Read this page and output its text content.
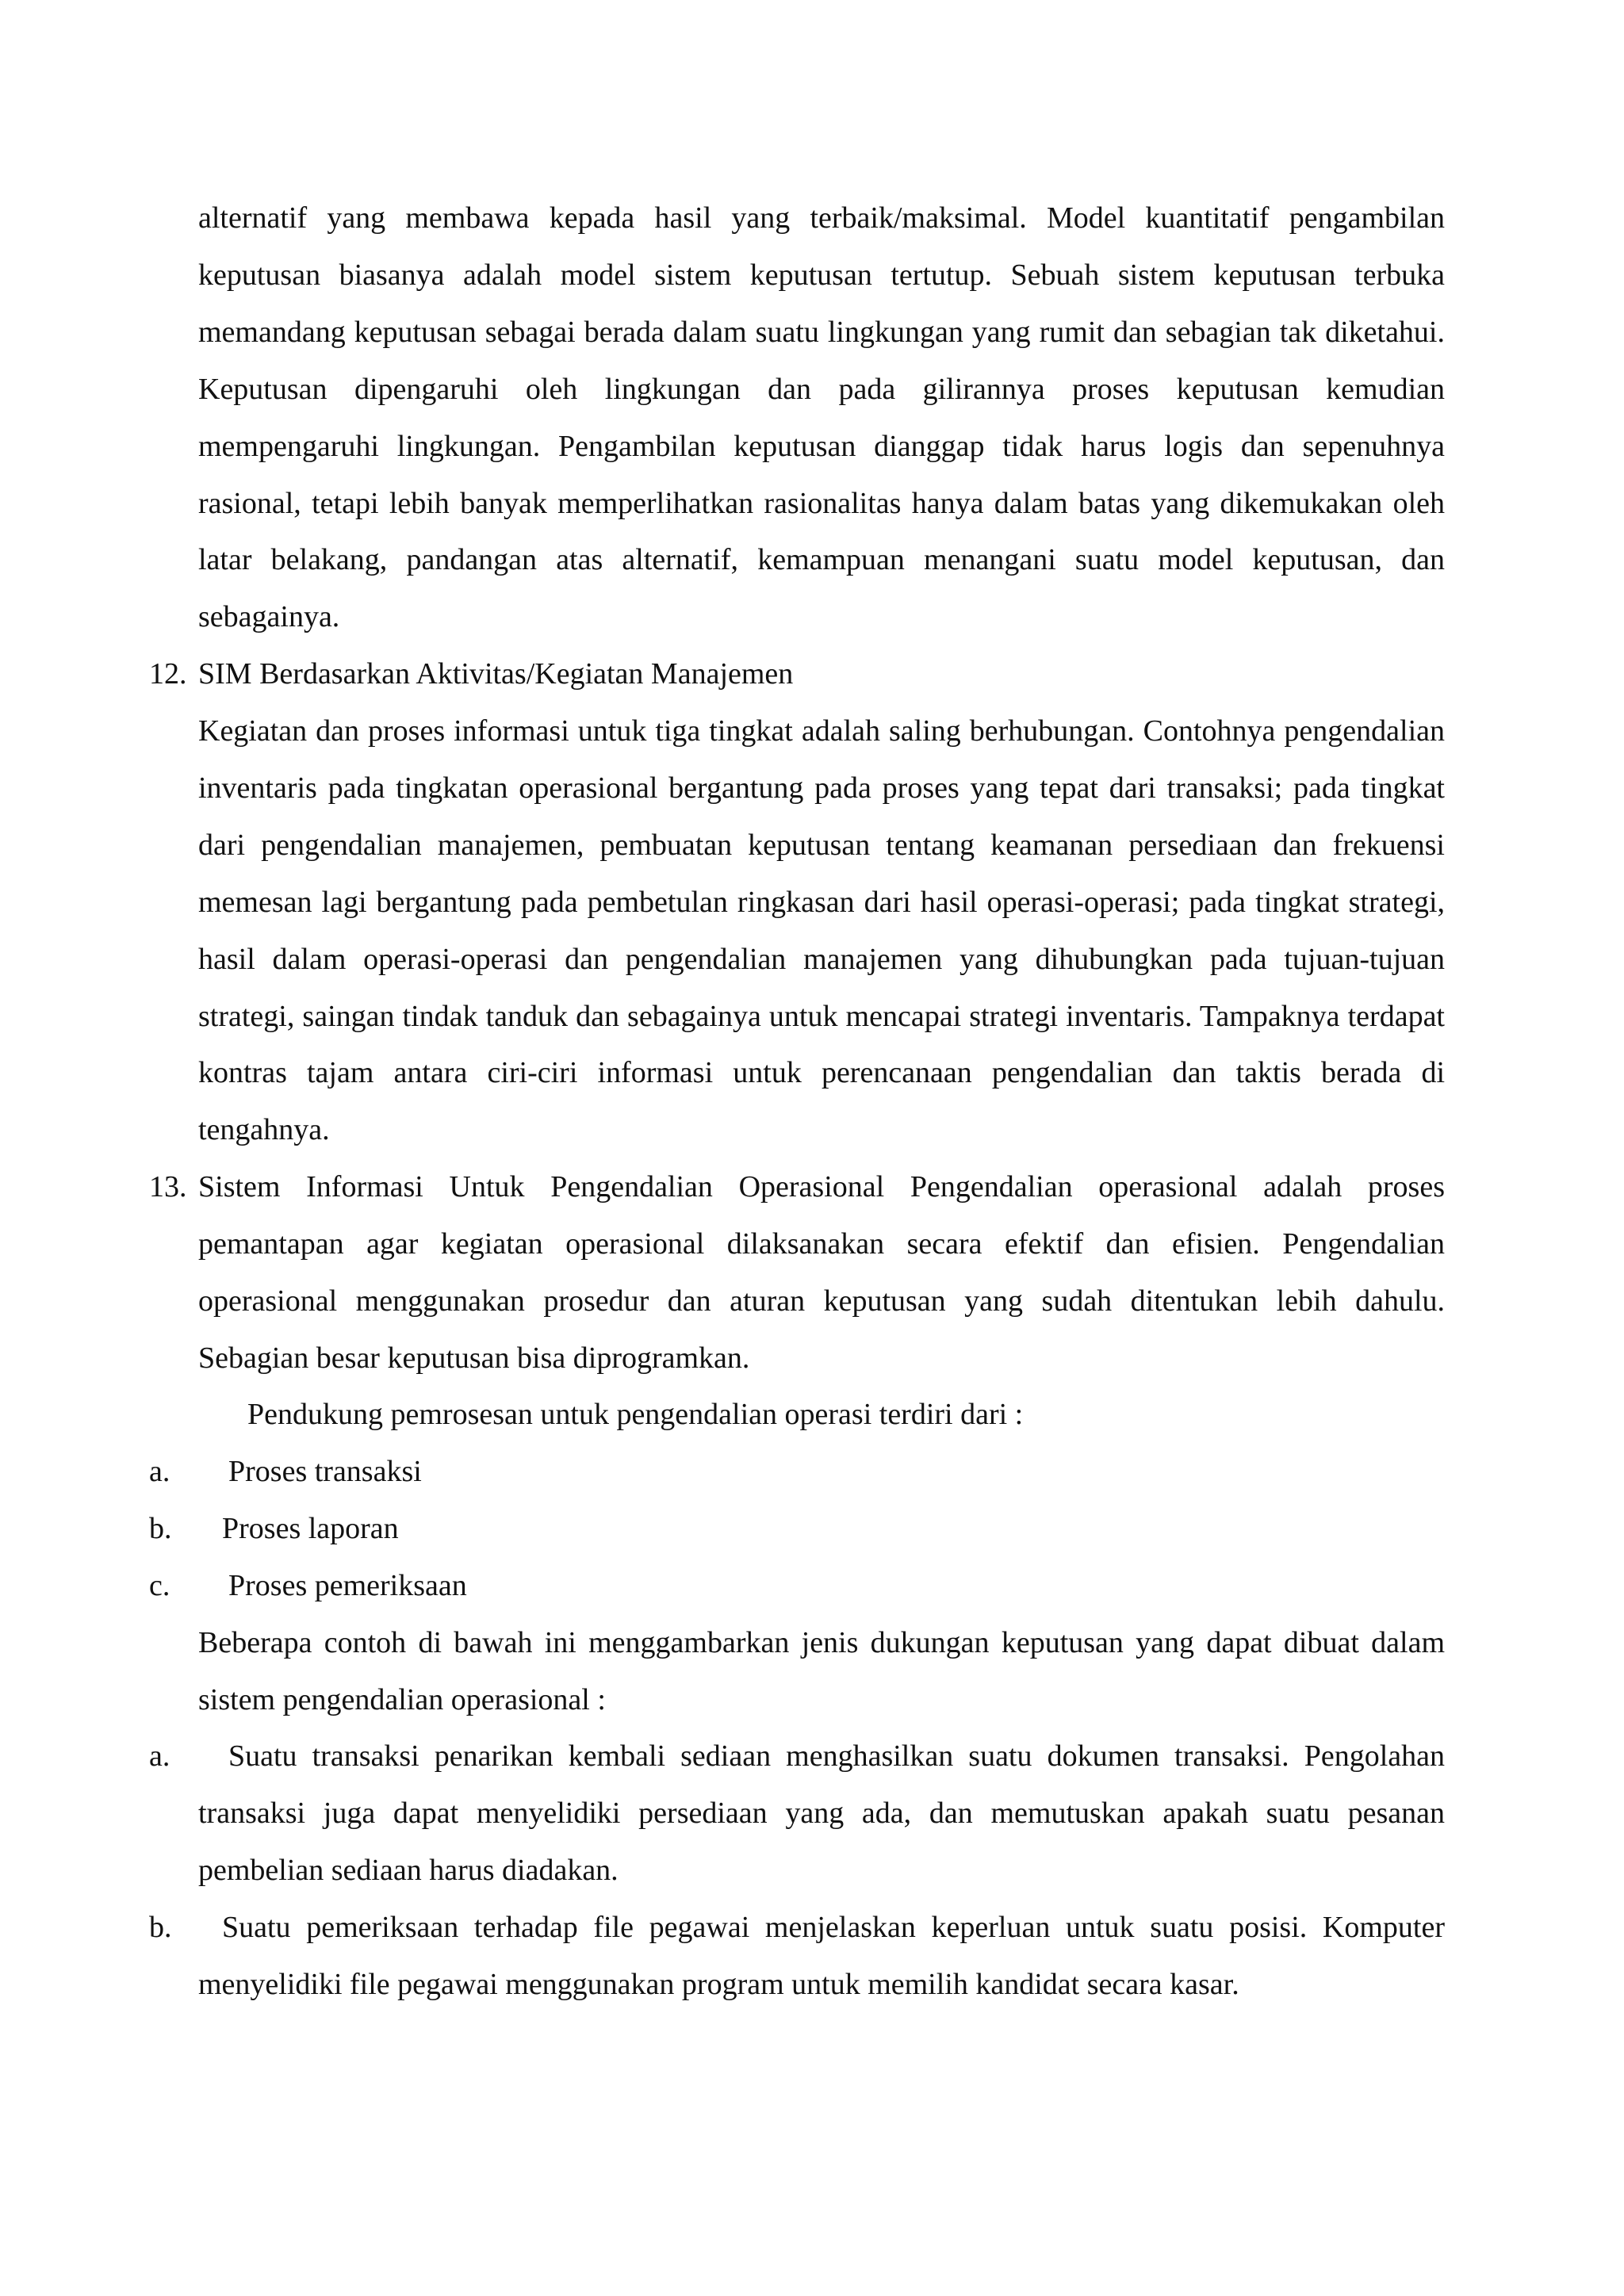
alternatif yang membawa kepada hasil yang terbaik/maksimal. Model kuantitatif pengambilan keputusan biasanya adalah model sistem keputusan tertutup. Sebuah sistem keputusan terbuka memandang keputusan sebagai berada dalam suatu lingkungan yang rumit dan sebagian tak diketahui. Keputusan dipengaruhi oleh lingkungan dan pada gilirannya proses keputusan kemudian mempengaruhi lingkungan. Pengambilan keputusan dianggap tidak harus logis dan sepenuhnya rasional, tetapi lebih banyak memperlihatkan rasionalitas hanya dalam batas yang dikemukakan oleh latar belakang, pandangan atas alternatif, kemampuan menangani suatu model keputusan, dan sebagainya.

12. SIM Berdasarkan Aktivitas/Kegiatan Manajemen

Kegiatan dan proses informasi untuk tiga tingkat adalah saling berhubungan. Contohnya pengendalian inventaris pada tingkatan operasional bergantung pada proses yang tepat dari transaksi; pada tingkat dari pengendalian manajemen, pembuatan keputusan tentang keamanan persediaan dan frekuensi memesan lagi bergantung pada pembetulan ringkasan dari hasil operasi-operasi; pada tingkat strategi, hasil dalam operasi-operasi dan pengendalian manajemen yang dihubungkan pada tujuan-tujuan strategi, saingan tindak tanduk dan sebagainya untuk mencapai strategi inventaris. Tampaknya terdapat kontras tajam antara ciri-ciri informasi untuk perencanaan pengendalian dan taktis berada di tengahnya.

13. Sistem Informasi Untuk Pengendalian Operasional Pengendalian operasional adalah proses pemantapan agar kegiatan operasional dilaksanakan secara efektif dan efisien. Pengendalian operasional menggunakan prosedur dan aturan keputusan yang sudah ditentukan lebih dahulu. Sebagian besar keputusan bisa diprogramkan.

Pendukung pemrosesan untuk pengendalian operasi terdiri dari :

a. Proses transaksi

b. Proses laporan

c. Proses pemeriksaan

Beberapa contoh di bawah ini menggambarkan jenis dukungan keputusan yang dapat dibuat dalam sistem pengendalian operasional :

a. Suatu transaksi penarikan kembali sediaan menghasilkan suatu dokumen transaksi. Pengolahan transaksi juga dapat menyelidiki persediaan yang ada, dan memutuskan apakah suatu pesanan pembelian sediaan harus diadakan.

b. Suatu pemeriksaan terhadap file pegawai menjelaskan keperluan untuk suatu posisi. Komputer menyelidiki file pegawai menggunakan program untuk memilih kandidat secara kasar.
